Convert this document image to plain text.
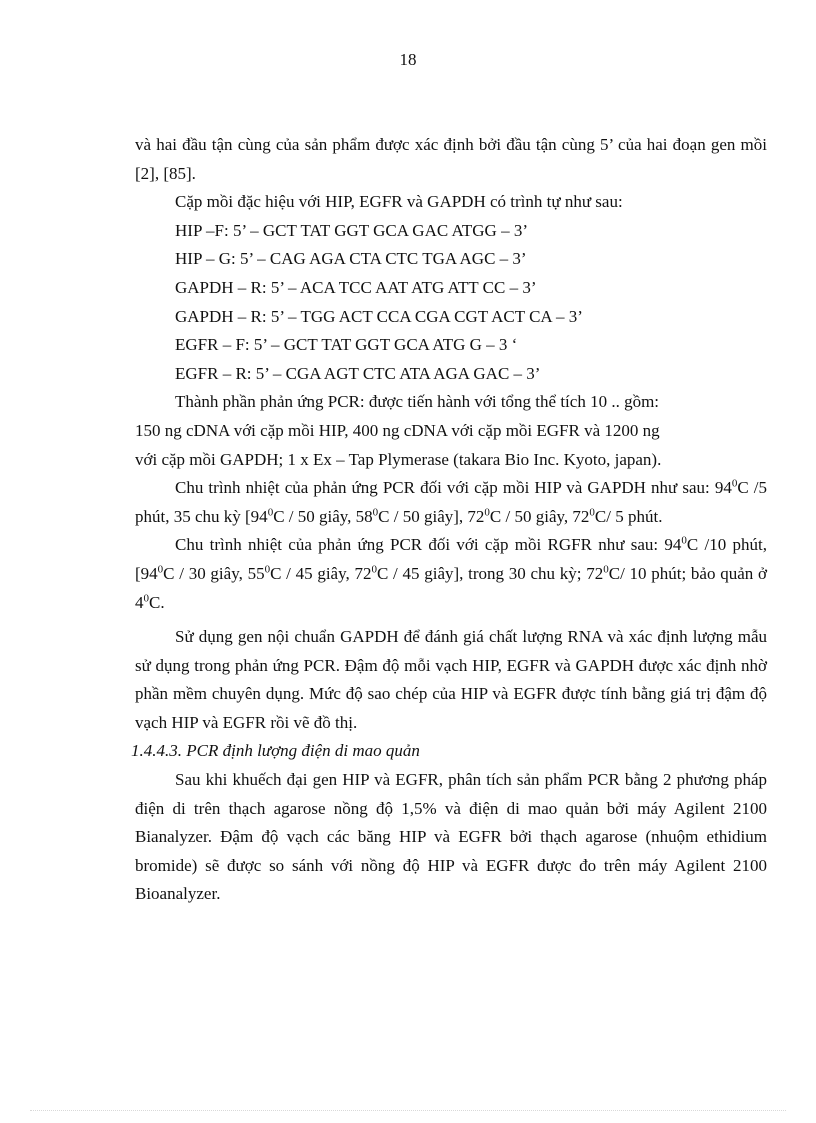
18

và hai đầu tận cùng của sản phẩm được xác định bởi đầu tận cùng 5’ của hai đoạn gen mồi [2], [85].

Cặp mồi đặc hiệu với HIP, EGFR và GAPDH có trình tự như sau:

HIP –F: 5’ – GCT TAT GGT GCA GAC ATGG – 3’

HIP – G: 5’ – CAG AGA CTA CTC TGA AGC – 3’

GAPDH – R: 5’ – ACA TCC AAT ATG ATT CC – 3’

GAPDH – R: 5’ – TGG ACT CCA CGA CGT ACT CA – 3’

EGFR – F: 5’ – GCT TAT GGT GCA ATG G – 3 ‘

EGFR – R: 5’ – CGA AGT CTC ATA AGA GAC – 3’

Thành phần phản ứng PCR: được tiến hành với tổng thể tích 10 .. gồm:

150 ng cDNA với cặp mồi HIP, 400 ng cDNA với cặp mồi EGFR và 1200 ng

với cặp mồi GAPDH; 1 x Ex – Tap Plymerase (takara Bio Inc. Kyoto, japan).

Chu trình nhiệt của phản ứng PCR đối với cặp mồi HIP và GAPDH như sau: $94^0C$ /5 phút, 35 chu kỳ [$94^0C / 50$ giây, $58^0C / 50$ giây], $72^0C / 50$ giây, $72^0C/$ 5 phút.

Chu trình nhiệt của phản ứng PCR đối với cặp mồi RGFR như sau: $94^0C$ /10 phút, [$94^0C / 30$ giây, $55^0C / 45$ giây, $72^0C / 45$ giây], trong 30 chu kỳ; $72^0C/$ 10 phút; bảo quản ở $4^0C$.

Sử dụng gen nội chuẩn GAPDH để đánh giá chất lượng RNA và xác định lượng mẫu sử dụng trong phản ứng PCR. Đậm độ mỗi vạch HIP, EGFR và GAPDH được xác định nhờ phần mềm chuyên dụng. Mức độ sao chép của HIP và EGFR được tính bằng giá trị đậm độ vạch HIP và EGFR rồi vẽ đồ thị.

1.4.4.3. PCR định lượng điện di mao quản

Sau khi khuếch đại gen HIP và EGFR, phân tích sản phẩm PCR bằng 2 phương pháp điện di trên thạch agarose nồng độ 1,5% và điện di mao quản bởi máy Agilent 2100 Bianalyzer. Đậm độ vạch các băng HIP và EGFR bởi thạch agarose (nhuộm ethidium bromide) sẽ được so sánh với nồng độ HIP và EGFR được đo trên máy Agilent 2100 Bioanalyzer.
